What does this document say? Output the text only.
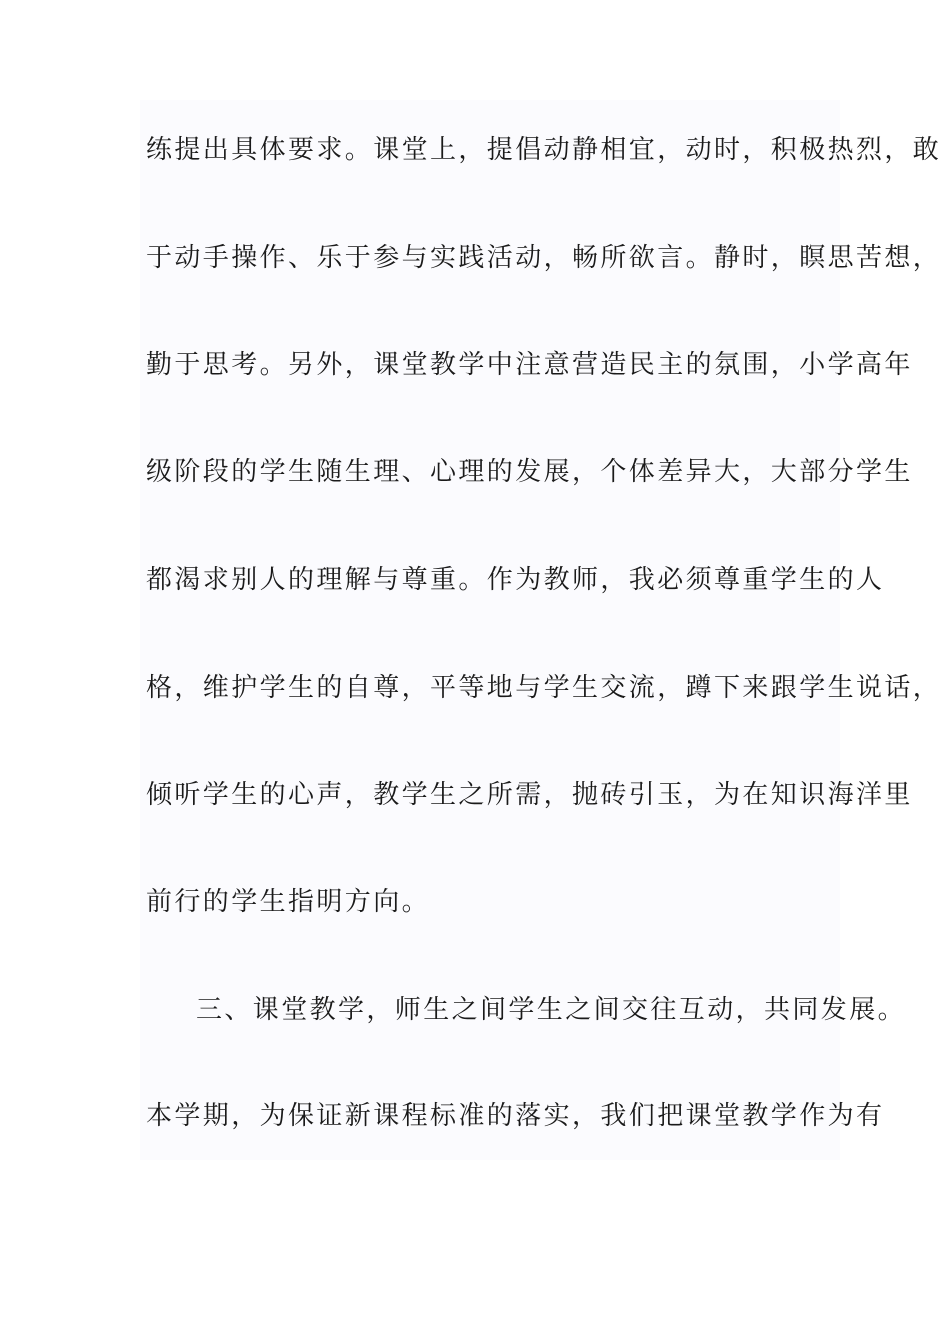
练提出具体要求。课堂上，提倡动静相宜，动时，积极热烈，敢
于动手操作、乐于参与实践活动，畅所欲言。静时，瞑思苦想，
勤于思考。另外，课堂教学中注意营造民主的氛围，小学高年
级阶段的学生随生理、心理的发展，个体差异大，大部分学生
都渴求别人的理解与尊重。作为教师，我必须尊重学生的人
格，维护学生的自尊，平等地与学生交流，蹲下来跟学生说话，
倾听学生的心声，教学生之所需，抛砖引玉，为在知识海洋里
前行的学生指明方向。
三、课堂教学，师生之间学生之间交往互动，共同发展。
本学期，为保证新课程标准的落实，我们把课堂教学作为有
